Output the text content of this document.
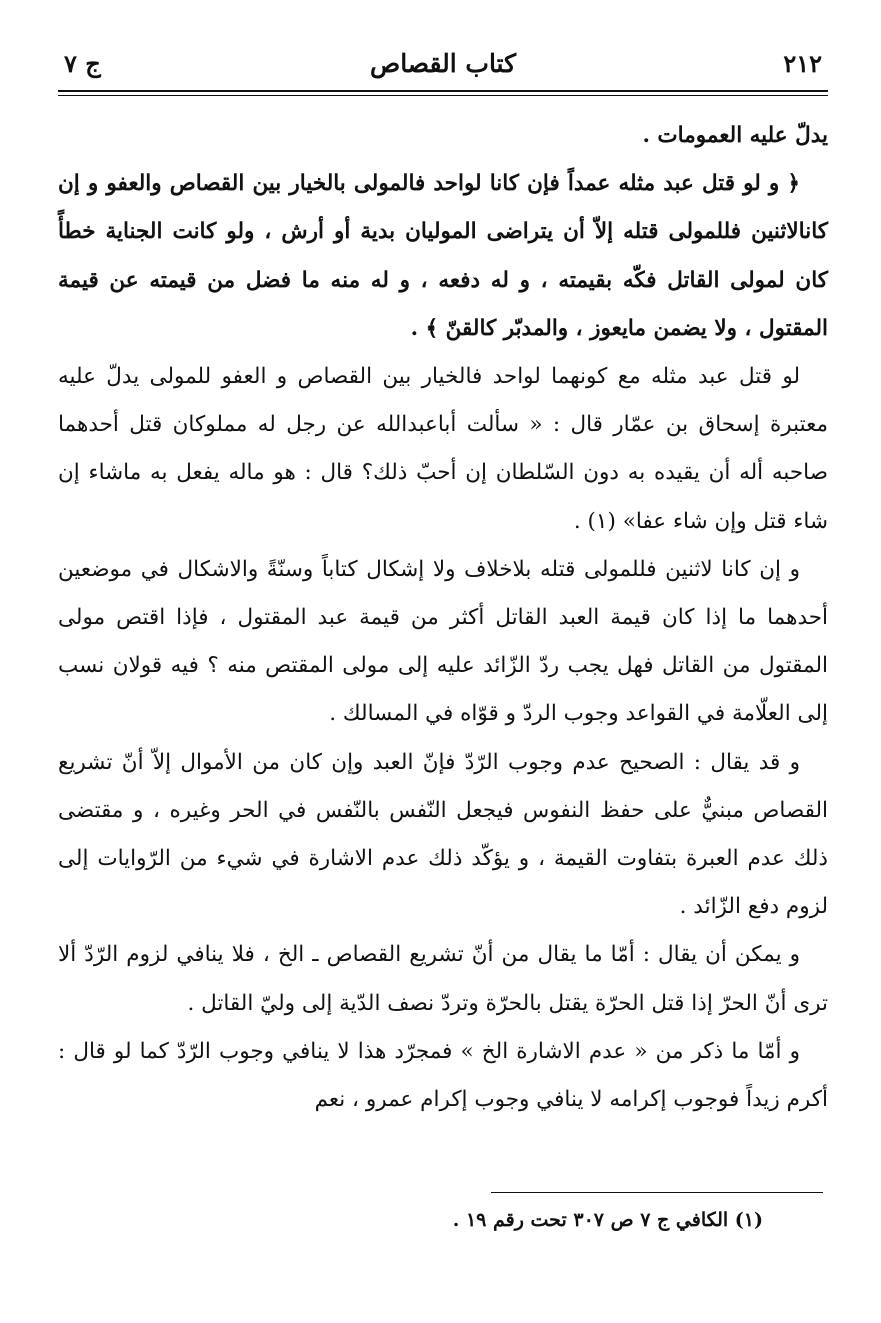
٢١٢
كتاب القصاص
ج ٧

يدلّ عليه العمومات .

﴿ و لو قتل عبد مثله عمداً فإن كانا لواحد فالمولى بالخيار بين القصاص والعفو و إن كانالاثنين فللمولى قتله إلاّ أن يتراضى المولیان بدية أو أرش ، ولو كانت الجناية خطأً كان لمولى القاتل فكّه بقيمته ، و له دفعه ، و له منه ما فضل من قيمته عن قيمة المقتول ، ولا يضمن مايعوز ، والمدبّر كالقنّ ﴾ .

لو قتل عبد مثله مع كونهما لواحد فالخيار بين القصاص و العفو للمولى يدلّ عليه معتبرة إسحاق بن عمّار قال : « سألت أباعبدالله عن رجل له مملوكان قتل أحدهما صاحبه أله أن يقيده به دون السّلطان إن أحبّ ذلك؟ قال : هو ماله يفعل به ماشاء إن شاء قتل وإن شاء عفا» (١) .

و إن كانا لاثنين فللمولى قتله بلاخلاف ولا إشكال كتاباً وسنّةً والاشكال في موضعين أحدهما ما إذا كان قيمة العبد القاتل أكثر من قيمة عبد المقتول ، فإذا اقتص مولى المقتول من القاتل فهل يجب ردّ الزّائد عليه إلى مولى المقتص منه ؟ فيه قولان نسب إلى العلّامة في القواعد وجوب الردّ و قوّاه في المسالك .

و قد يقال : الصحيح عدم وجوب الرّدّ فإنّ العبد وإن كان من الأموال إلاّ أنّ تشريع القصاص مبنيٌّ على حفظ النفوس فيجعل النّفس بالنّفس في الحر وغيره ، و مقتضى ذلك عدم العبرة بتفاوت القيمة ، و يؤكّد ذلك عدم الاشارة في شيء من الرّوايات إلى لزوم دفع الزّائد .

و يمكن أن يقال : أمّا ما يقال من أنّ تشريع القصاص ـ الخ ، فلا ينافي لزوم الرّدّ ألا ترى أنّ الحرّ إذا قتل الحرّة يقتل بالحرّة وتردّ نصف الدّية إلى وليّ القاتل .

و أمّا ما ذكر من « عدم الاشارة الخ » فمجرّد هذا لا ينافي وجوب الرّدّ كما لو قال : أكرم زيداً فوجوب إكرامه لا ينافي وجوب إكرام عمرو ، نعم

(١) الكافي ج ٧ ص ٣٠٧ تحت رقم ١٩ .
